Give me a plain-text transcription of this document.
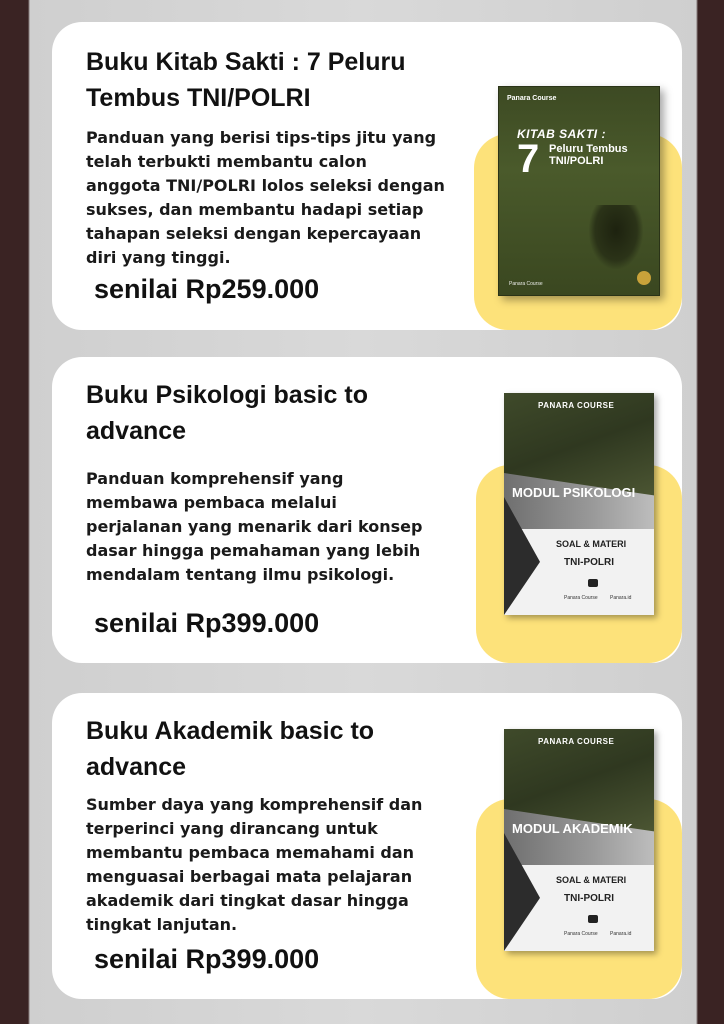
Buku Kitab Sakti : 7 Peluru Tembus TNI/POLRI

Panduan yang berisi tips-tips jitu yang telah terbukti membantu calon anggota TNI/POLRI lolos seleksi dengan sukses, dan membantu hadapi setiap tahapan seleksi dengan kepercayaan diri yang tinggi.

senilai Rp259.000

Panara Course
KITAB SAKTI :
7 Peluru Tembus TNI/POLRI
Panara Course
Buku Psikologi basic to advance

Panduan komprehensif yang membawa pembaca melalui perjalanan yang menarik dari konsep dasar hingga pemahaman yang lebih mendalam tentang ilmu psikologi.

senilai Rp399.000

PANARA COURSE
MODUL PSIKOLOGI
SOAL & MATERI
TNI-POLRI
Panara Course Panara.id
Buku Akademik basic to advance

Sumber daya yang komprehensif dan terperinci yang dirancang untuk membantu pembaca memahami dan menguasai berbagai mata pelajaran akademik dari tingkat dasar hingga tingkat lanjutan.

senilai Rp399.000

PANARA COURSE
MODUL AKADEMIK
SOAL & MATERI
TNI-POLRI
Panara Course Panara.id
